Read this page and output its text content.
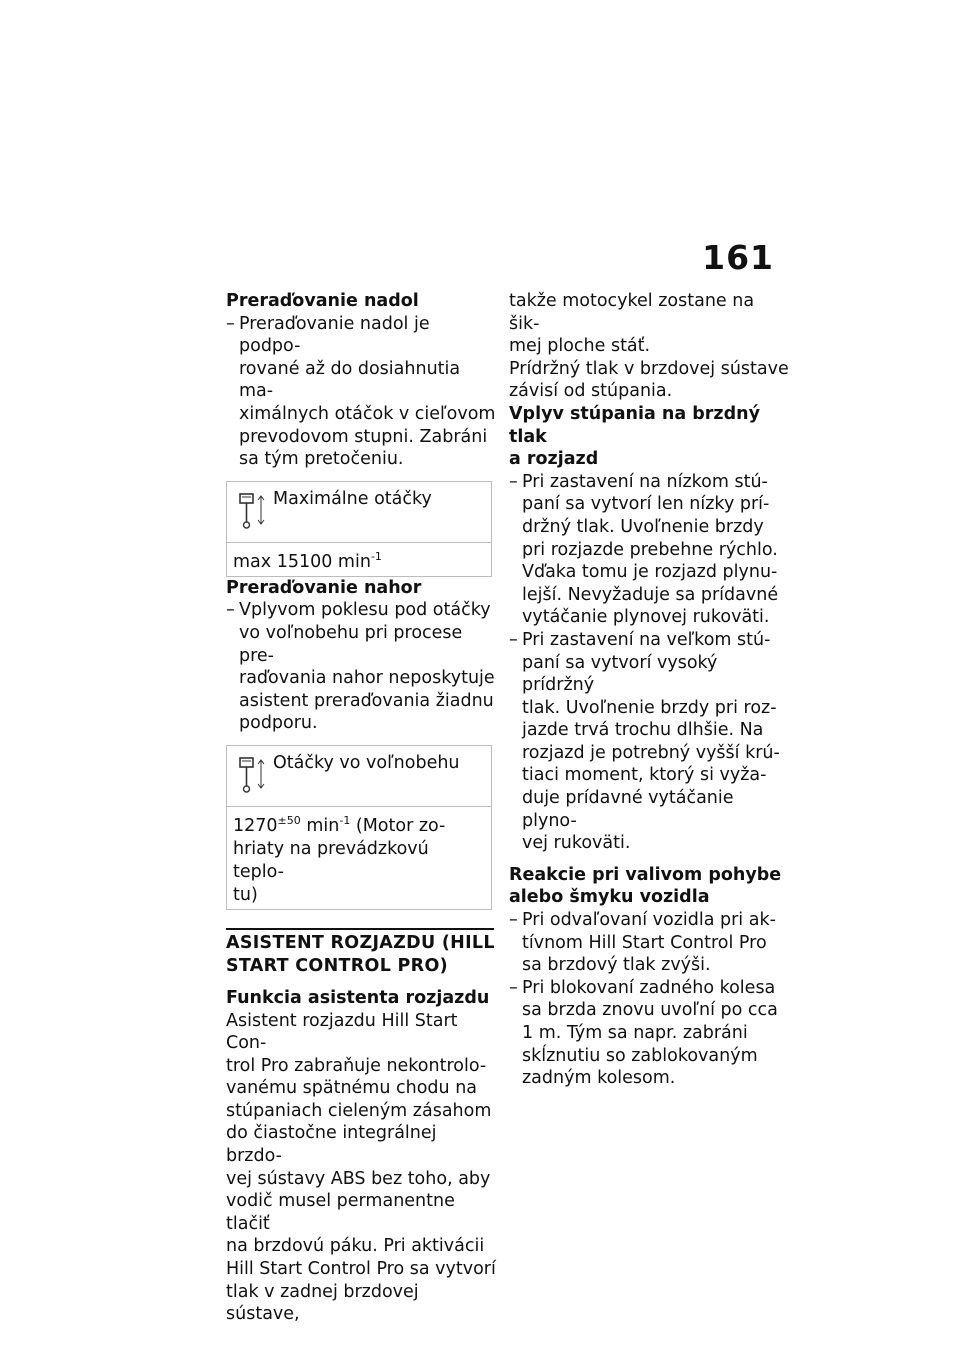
161
Preraďovanie nadol
– Preraďovanie nadol je podpo-
rované až do dosiahnutia ma-
ximálnych otáčok v cieľovom
prevodovom stupni. Zabráni
sa tým pretočeniu.
Maximálne otáčky
max 15100 $\min^{-1}$
Preraďovanie nahor
– Vplyvom poklesu pod otáčky
vo voľnobehu pri procese pre-
raďovania nahor neposkytuje
asistent preraďovania žiadnu
podporu.
Otáčky vo voľnobehu
$1270^{\pm 50}$ $\min^{-1}$ (Motor zo-
hriaty na prevádzkovú teplo-
tu)
ASISTENT ROZJAZDU (HILL
START CONTROL PRO)
Funkcia asistenta rozjazdu
Asistent rozjazdu Hill Start Con-
trol Pro zabraňuje nekontrolo-
vanému spätnému chodu na
stúpaniach cieleným zásahom
do čiastočne integrálnej brzdo-
vej sústavy ABS bez toho, aby
vodič musel permanentne tlačiť
na brzdovú páku. Pri aktivácii
Hill Start Control Pro sa vytvorí
tlak v zadnej brzdovej sústave,
takže motocykel zostane na šik-
mej ploche stáť.
Prídržný tlak v brzdovej sústave
závisí od stúpania.
Vplyv stúpania na brzdný tlak
a rozjazd
– Pri zastavení na nízkom stú-
paní sa vytvorí len nízky prí-
držný tlak. Uvoľnenie brzdy
pri rozjazde prebehne rýchlo.
Vďaka tomu je rozjazd plynu-
lejší. Nevyžaduje sa prídavné
vytáčanie plynovej rukoväti.
– Pri zastavení na veľkom stú-
paní sa vytvorí vysoký prídržný
tlak. Uvoľnenie brzdy pri roz-
jazde trvá trochu dlhšie. Na
rozjazd je potrebný vyšší krú-
tiaci moment, ktorý si vyža-
duje prídavné vytáčanie plyno-
vej rukoväti.
Reakcie pri valivom pohybe
alebo šmyku vozidla
– Pri odvaľovaní vozidla pri ak-
tívnom Hill Start Control Pro
sa brzdový tlak zvýši.
– Pri blokovaní zadného kolesa
sa brzda znovu uvoľní po cca
1 m. Tým sa napr. zabráni
skĺznutiu so zablokovaným
zadným kolesom.
